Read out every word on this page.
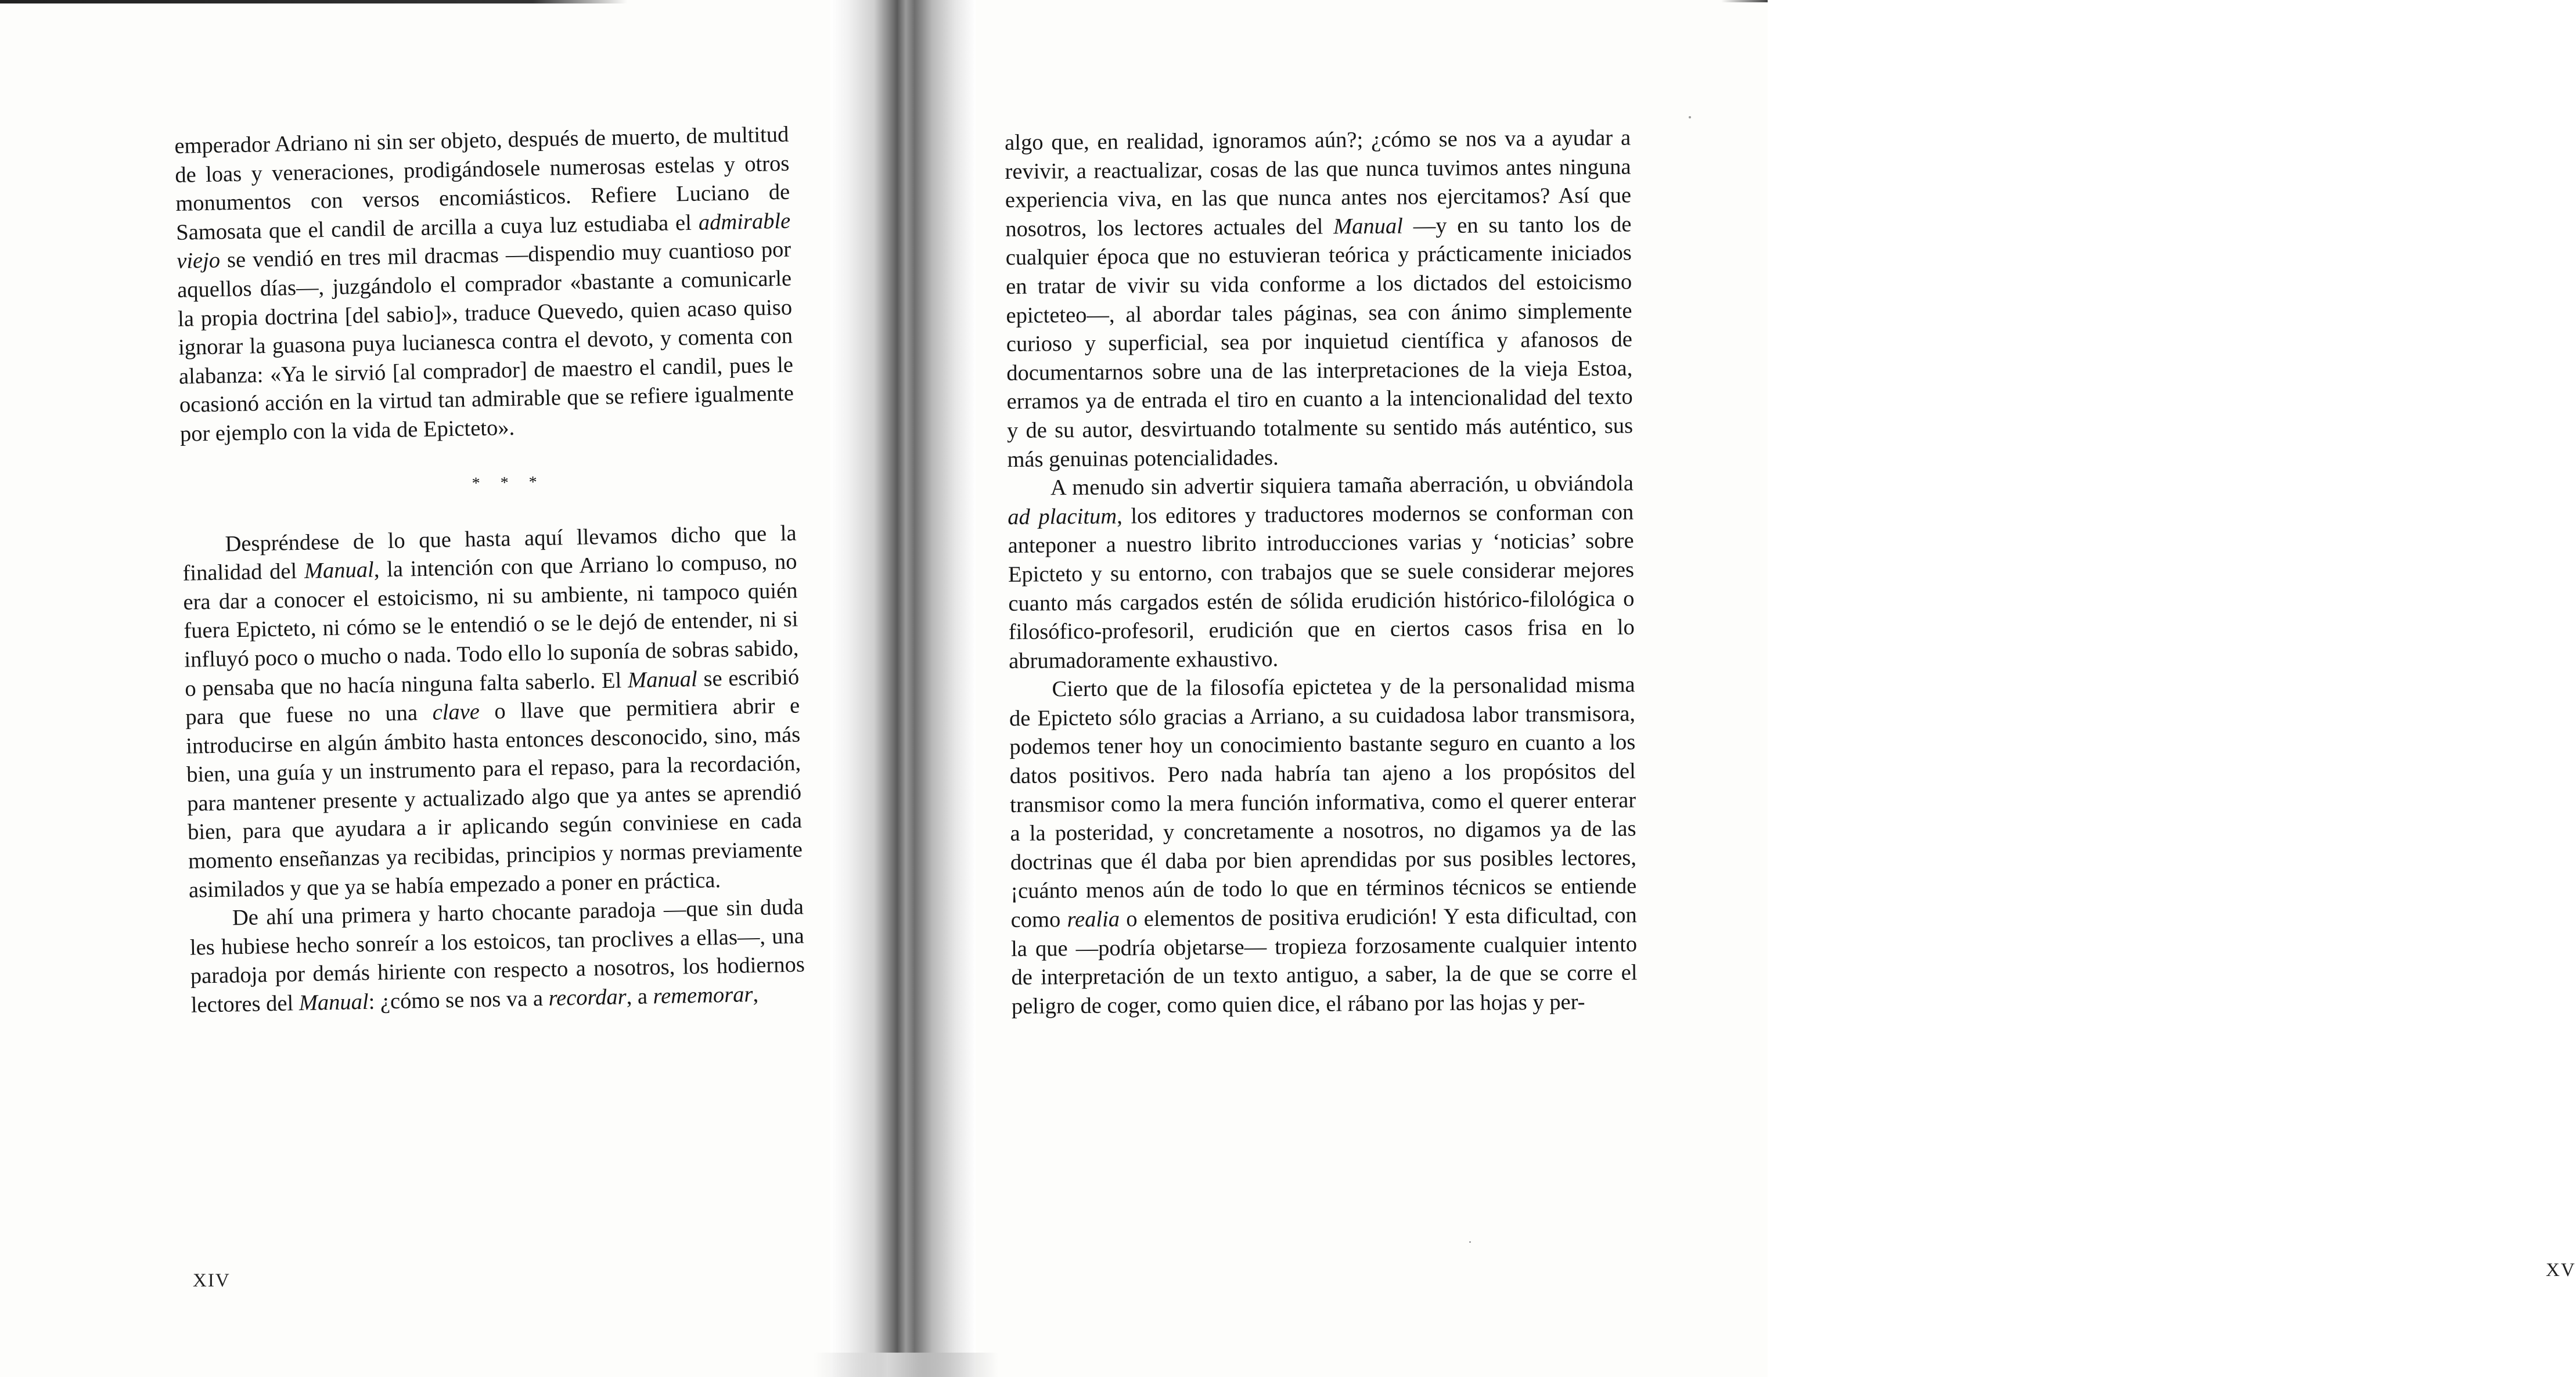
emperador Adriano ni sin ser objeto, después de muerto, de multitud de loas y veneraciones, prodigándosele numerosas estelas y otros monumentos con versos encomiásticos. Refiere Luciano de Samosata que el candil de arcilla a cuya luz estudiaba el admirable viejo se vendió en tres mil dracmas —dispendio muy cuantioso por aquellos días—, juzgándolo el comprador «bastante a comunicarle la propia doctrina [del sabio]», traduce Quevedo, quien acaso quiso ignorar la guasona puya lucianesca contra el devoto, y comenta con alabanza: «Ya le sirvió [al comprador] de maestro el candil, pues le ocasionó acción en la virtud tan admirable que se refiere igualmente por ejemplo con la vida de Epicteto».

* * *

Despréndese de lo que hasta aquí llevamos dicho que la finalidad del Manual, la intención con que Arriano lo compuso, no era dar a conocer el estoicismo, ni su ambiente, ni tampoco quién fuera Epicteto, ni cómo se le entendió o se le dejó de entender, ni si influyó poco o mucho o nada. Todo ello lo suponía de sobras sabido, o pensaba que no hacía ninguna falta saberlo. El Manual se escribió para que fuese no una clave o llave que permitiera abrir e introducirse en algún ámbito hasta entonces desconocido, sino, más bien, una guía y un instrumento para el repaso, para la recordación, para mantener presente y actualizado algo que ya antes se aprendió bien, para que ayudara a ir aplicando según conviniese en cada momento enseñanzas ya recibidas, principios y normas previamente asimilados y que ya se había empezado a poner en práctica.

De ahí una primera y harto chocante paradoja —que sin duda les hubiese hecho sonreír a los estoicos, tan proclives a ellas—, una paradoja por demás hiriente con respecto a nosotros, los hodiernos lectores del Manual: ¿cómo se nos va a recordar, a rememorar,

XIV

algo que, en realidad, ignoramos aún?; ¿cómo se nos va a ayudar a revivir, a reactualizar, cosas de las que nunca tuvimos antes ninguna experiencia viva, en las que nunca antes nos ejercitamos? Así que nosotros, los lectores actuales del Manual —y en su tanto los de cualquier época que no estuvieran teórica y prácticamente iniciados en tratar de vivir su vida conforme a los dictados del estoicismo epicteteo—, al abordar tales páginas, sea con ánimo simplemente curioso y superficial, sea por inquietud científica y afanosos de documentarnos sobre una de las interpretaciones de la vieja Estoa, erramos ya de entrada el tiro en cuanto a la intencionalidad del texto y de su autor, desvirtuando totalmente su sentido más auténtico, sus más genuinas potencialidades.

A menudo sin advertir siquiera tamaña aberración, u obviándola ad placitum, los editores y traductores modernos se conforman con anteponer a nuestro librito introducciones varias y ‘noticias’ sobre Epicteto y su entorno, con trabajos que se suele considerar mejores cuanto más cargados estén de sólida erudición histórico-filológica o filosófico-profesoril, erudición que en ciertos casos frisa en lo abrumadoramente exhaustivo.

Cierto que de la filosofía epictetea y de la personalidad misma de Epicteto sólo gracias a Arriano, a su cuidadosa labor transmisora, podemos tener hoy un conocimiento bastante seguro en cuanto a los datos positivos. Pero nada habría tan ajeno a los propósitos del transmisor como la mera función informativa, como el querer enterar a la posteridad, y concretamente a nosotros, no digamos ya de las doctrinas que él daba por bien aprendidas por sus posibles lectores, ¡cuánto menos aún de todo lo que en términos técnicos se entiende como realia o elementos de positiva erudición! Y esta dificultad, con la que —podría objetarse— tropieza forzosamente cualquier intento de interpretación de un texto antiguo, a saber, la de que se corre el peligro de coger, como quien dice, el rábano por las hojas y per-

XV
